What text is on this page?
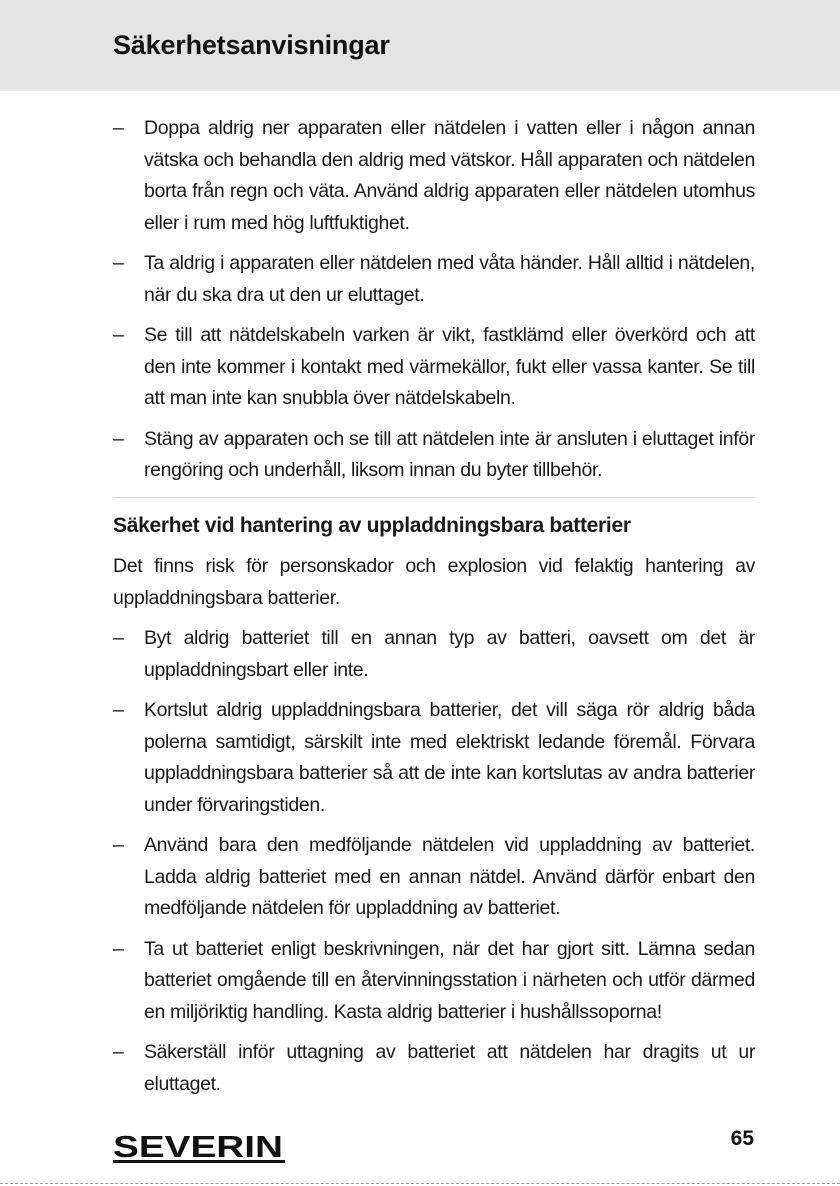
Säkerhetsanvisningar
–	Doppa aldrig ner apparaten eller nätdelen i vatten eller i någon annan vätska och behandla den aldrig med vätskor. Håll apparaten och nätdelen borta från regn och väta. Använd aldrig apparaten eller nätdelen utomhus eller i rum med hög luftfuktighet.
–	Ta aldrig i apparaten eller nätdelen med våta händer. Håll alltid i nätdelen, när du ska dra ut den ur eluttaget.
–	Se till att nätdelskabeln varken är vikt, fastklämd eller överkörd och att den inte kommer i kontakt med värmekällor, fukt eller vassa kanter. Se till att man inte kan snubbla över nätdelskabeln.
–	Stäng av apparaten och se till att nätdelen inte är ansluten i eluttaget inför rengöring och underhåll, liksom innan du byter tillbehör.
Säkerhet vid hantering av uppladdningsbara batterier

Det finns risk för personskador och explosion vid felaktig hantering av uppladdningsbara batterier.

–	Byt aldrig batteriet till en annan typ av batteri, oavsett om det är uppladdningsbart eller inte.
–	Kortslut aldrig uppladdningsbara batterier, det vill säga rör aldrig båda polerna samtidigt, särskilt inte med elektriskt ledande föremål. Förvara uppladdningsbara batterier så att de inte kan kortslutas av andra batterier under förvaringstiden.
–	Använd bara den medföljande nätdelen vid uppladdning av batteriet. Ladda aldrig batteriet med en annan nätdel. Använd därför enbart den medföljande nätdelen för uppladdning av batteriet.
–	Ta ut batteriet enligt beskrivningen, när det har gjort sitt. Lämna sedan batteriet omgående till en återvinningsstation i närheten och utför därmed en miljöriktig handling. Kasta aldrig batterier i hushållssoporna!
–	Säkerställ inför uttagning av batteriet att nätdelen har dragits ut ur eluttaget.
SEVERIN	65
